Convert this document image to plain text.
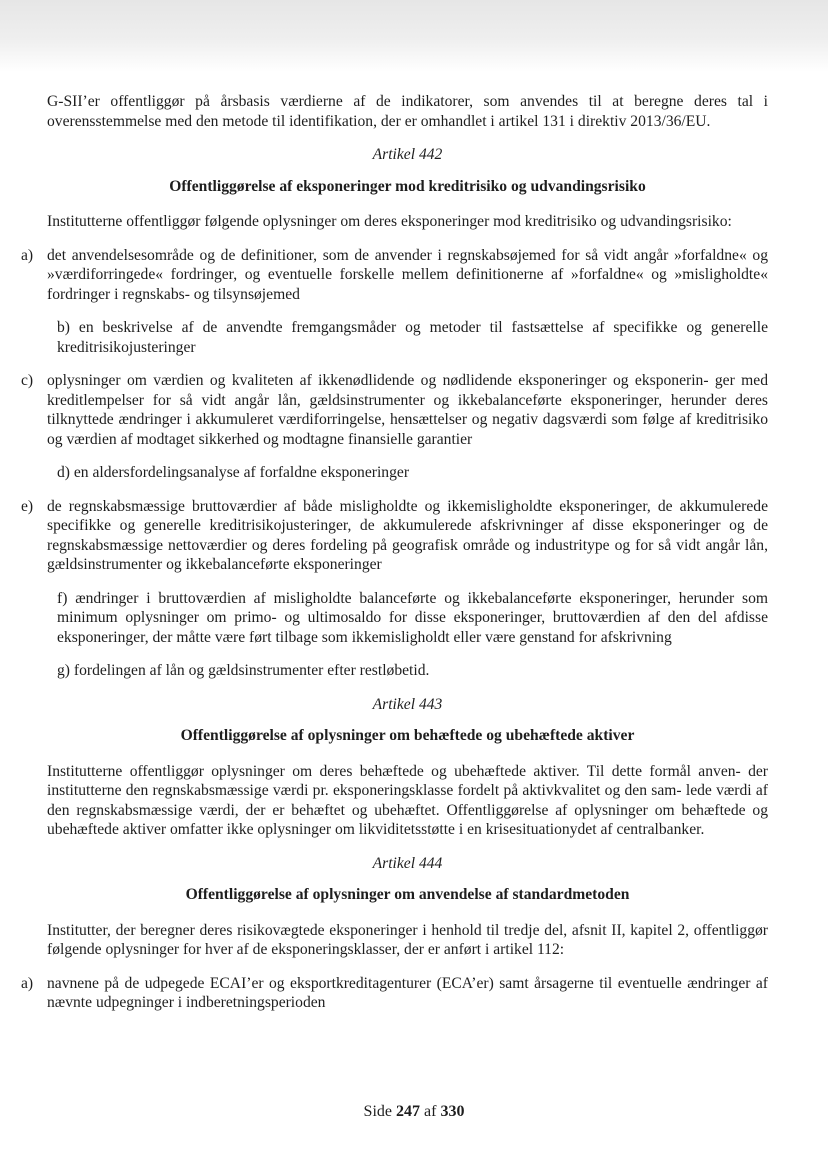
G-SII’er offentliggør på årsbasis værdierne af de indikatorer, som anvendes til at beregne deres tal i overensstemmelse med den metode til identifikation, der er omhandlet i artikel 131 i direktiv 2013/36/EU.

Artikel 442
Offentliggørelse af eksponeringer mod kreditrisiko og udvandingsrisiko

Institutterne offentliggør følgende oplysninger om deres eksponeringer mod kreditrisiko og udvandingsrisiko:

a) det anvendelsesområde og de definitioner, som de anvender i regnskabsøjemed for så vidt angår »forfaldne« og »værdiforringede« fordringer, og eventuelle forskelle mellem definitionerne af »forfaldne« og »misligholdte« fordringer i regnskabs- og tilsynsøjemed

b) en beskrivelse af de anvendte fremgangsmåder og metoder til fastsættelse af specifikke og generelle kreditrisikojusteringer

c) oplysninger om værdien og kvaliteten af ikkenødlidende og nødlidende eksponeringer og eksponerin- ger med kreditlempelser for så vidt angår lån, gældsinstrumenter og ikkebalanceførte eksponeringer, herunder deres tilknyttede ændringer i akkumuleret værdiforringelse, hensættelser og negativ dagsværdi som følge af kreditrisiko og værdien af modtaget sikkerhed og modtagne finansielle garantier

d) en aldersfordelingsanalyse af forfaldne eksponeringer

e) de regnskabsmæssige bruttoværdier af både misligholdte og ikkemisligholdte eksponeringer, de akkumulerede specifikke og generelle kreditrisikojusteringer, de akkumulerede afskrivninger af disse eksponeringer og de regnskabsmæssige nettoværdier og deres fordeling på geografisk område og industritype og for så vidt angår lån, gældsinstrumenter og ikkebalanceførte eksponeringer

f) ændringer i bruttoværdien af misligholdte balanceførte og ikkebalanceførte eksponeringer, herunder som minimum oplysninger om primo- og ultimosaldo for disse eksponeringer, bruttoværdien af den del afdisse eksponeringer, der måtte være ført tilbage som ikkemisligholdt eller være genstand for afskrivning

g) fordelingen af lån og gældsinstrumenter efter restløbetid.

Artikel 443
Offentliggørelse af oplysninger om behæftede og ubehæftede aktiver

Institutterne offentliggør oplysninger om deres behæftede og ubehæftede aktiver. Til dette formål anven- der institutterne den regnskabsmæssige værdi pr. eksponeringsklasse fordelt på aktivkvalitet og den sam- lede værdi af den regnskabsmæssige værdi, der er behæftet og ubehæftet. Offentliggørelse af oplysninger om behæftede og ubehæftede aktiver omfatter ikke oplysninger om likviditetsstøtte i en krisesituationydet af centralbanker.

Artikel 444
Offentliggørelse af oplysninger om anvendelse af standardmetoden

Institutter, der beregner deres risikovægtede eksponeringer i henhold til tredje del, afsnit II, kapitel 2, offentliggør følgende oplysninger for hver af de eksponeringsklasser, der er anført i artikel 112:

a) navnene på de udpegede ECAI’er og eksportkreditagenturer (ECA’er) samt årsagerne til eventuelle ændringer af nævnte udpegninger i indberetningsperioden
Side 247 af 330
